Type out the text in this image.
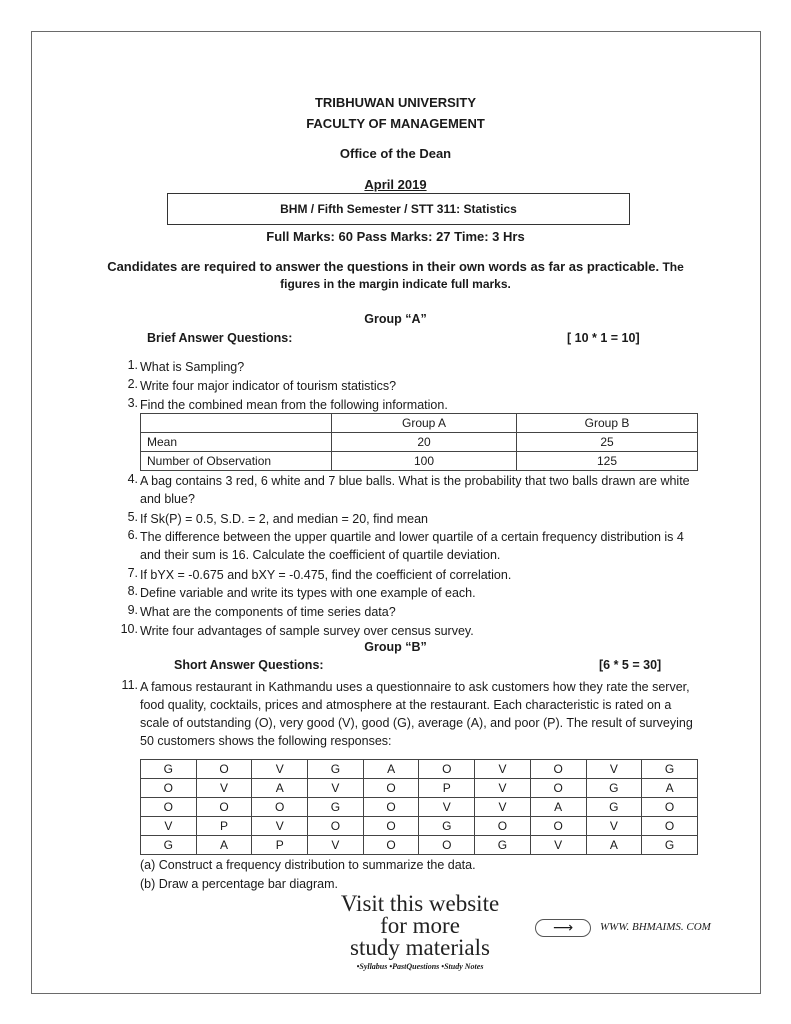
TRIBHUWAN UNIVERSITY
FACULTY OF MANAGEMENT
Office of the Dean
April 2019
BHM / Fifth Semester / STT 311: Statistics
Full Marks: 60 Pass Marks: 27 Time: 3 Hrs
Candidates are required to answer the questions in their own words as far as practicable. The
figures in the margin indicate full marks.
Group “A”
Brief Answer Questions:	[ 10 * 1 = 10]
1. What is Sampling?
2. Write four major indicator of tourism statistics?
3. Find the combined mean from the following information.
	Group A	Group B
Mean	20	25
Number of Observation	100	125
4. A bag contains 3 red, 6 white and 7 blue balls. What is the probability that two balls drawn are white and blue?
5. If Sk(P) = 0.5, S.D. = 2, and median = 20, find mean
6. The difference between the upper quartile and lower quartile of a certain frequency distribution is 4 and their sum is 16. Calculate the coefficient of quartile deviation.
7. If bYX = -0.675 and bXY = -0.475, find the coefficient of correlation.
8. Define variable and write its types with one example of each.
9. What are the components of time series data?
10. Write four advantages of sample survey over census survey.
Group “B”
Short Answer Questions:	[6 * 5 = 30]
11. A famous restaurant in Kathmandu uses a questionnaire to ask customers how they rate the server, food quality, cocktails, prices and atmosphere at the restaurant. Each characteristic is rated on a scale of outstanding (O), very good (V), good (G), average (A), and poor (P). The result of surveying 50 customers shows the following responses:
G	O	V	G	A	O	V	O	V	G
O	V	A	V	O	P	V	O	G	A
O	O	O	G	O	V	V	A	G	O
V	P	V	O	O	G	O	O	V	O
G	A	P	V	O	O	G	V	A	G
(a) Construct a frequency distribution to summarize the data.
(b) Draw a percentage bar diagram.
Visit this website
for more
study materials
•Syllabus •PastQuestions •Study Notes
⟶	WWW. BHMAIMS. COM
